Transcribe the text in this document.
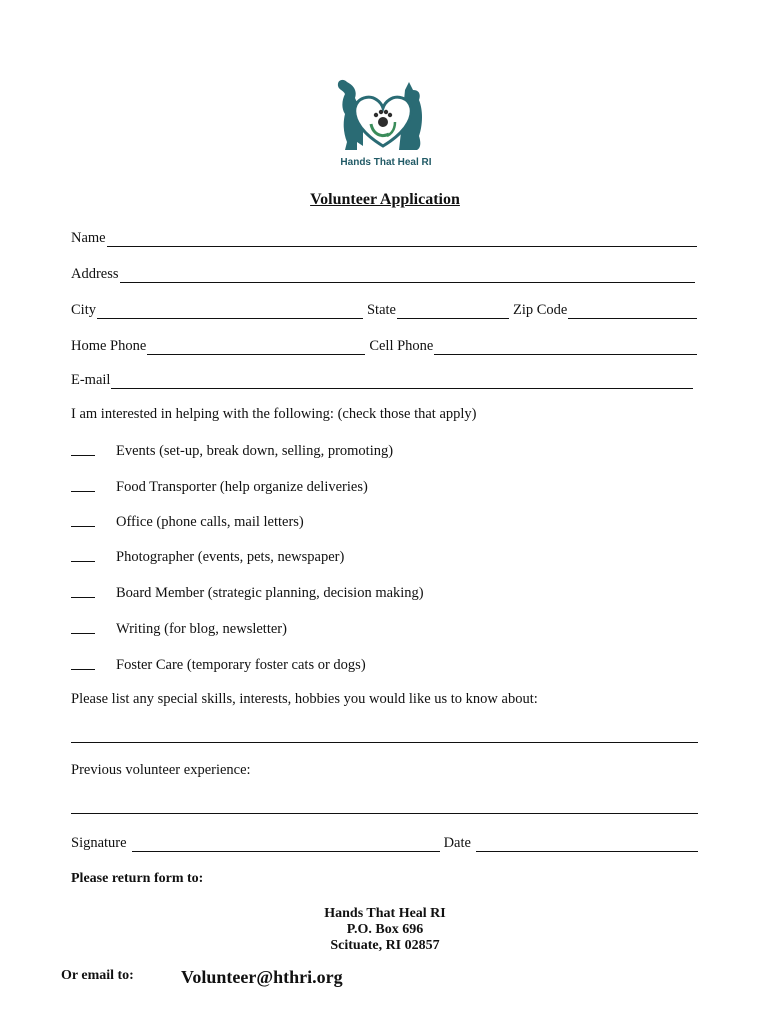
Hands That Heal RI
Volunteer Application
Name
Address
City	State	Zip Code
Home Phone	Cell Phone
E-mail
I am interested in helping with the following: (check those that apply)
Events (set-up, break down, selling, promoting)
Food Transporter (help organize deliveries)
Office (phone calls, mail letters)
Photographer (events, pets, newspaper)
Board Member (strategic planning, decision making)
Writing (for blog, newsletter)
Foster Care (temporary foster cats or dogs)
Please list any special skills, interests, hobbies you would like us to know about:
Previous volunteer experience:
Signature	Date
Please return form to:
Hands That Heal RI
P.O. Box 696
Scituate, RI 02857
Or email to:	Volunteer@hthri.org
